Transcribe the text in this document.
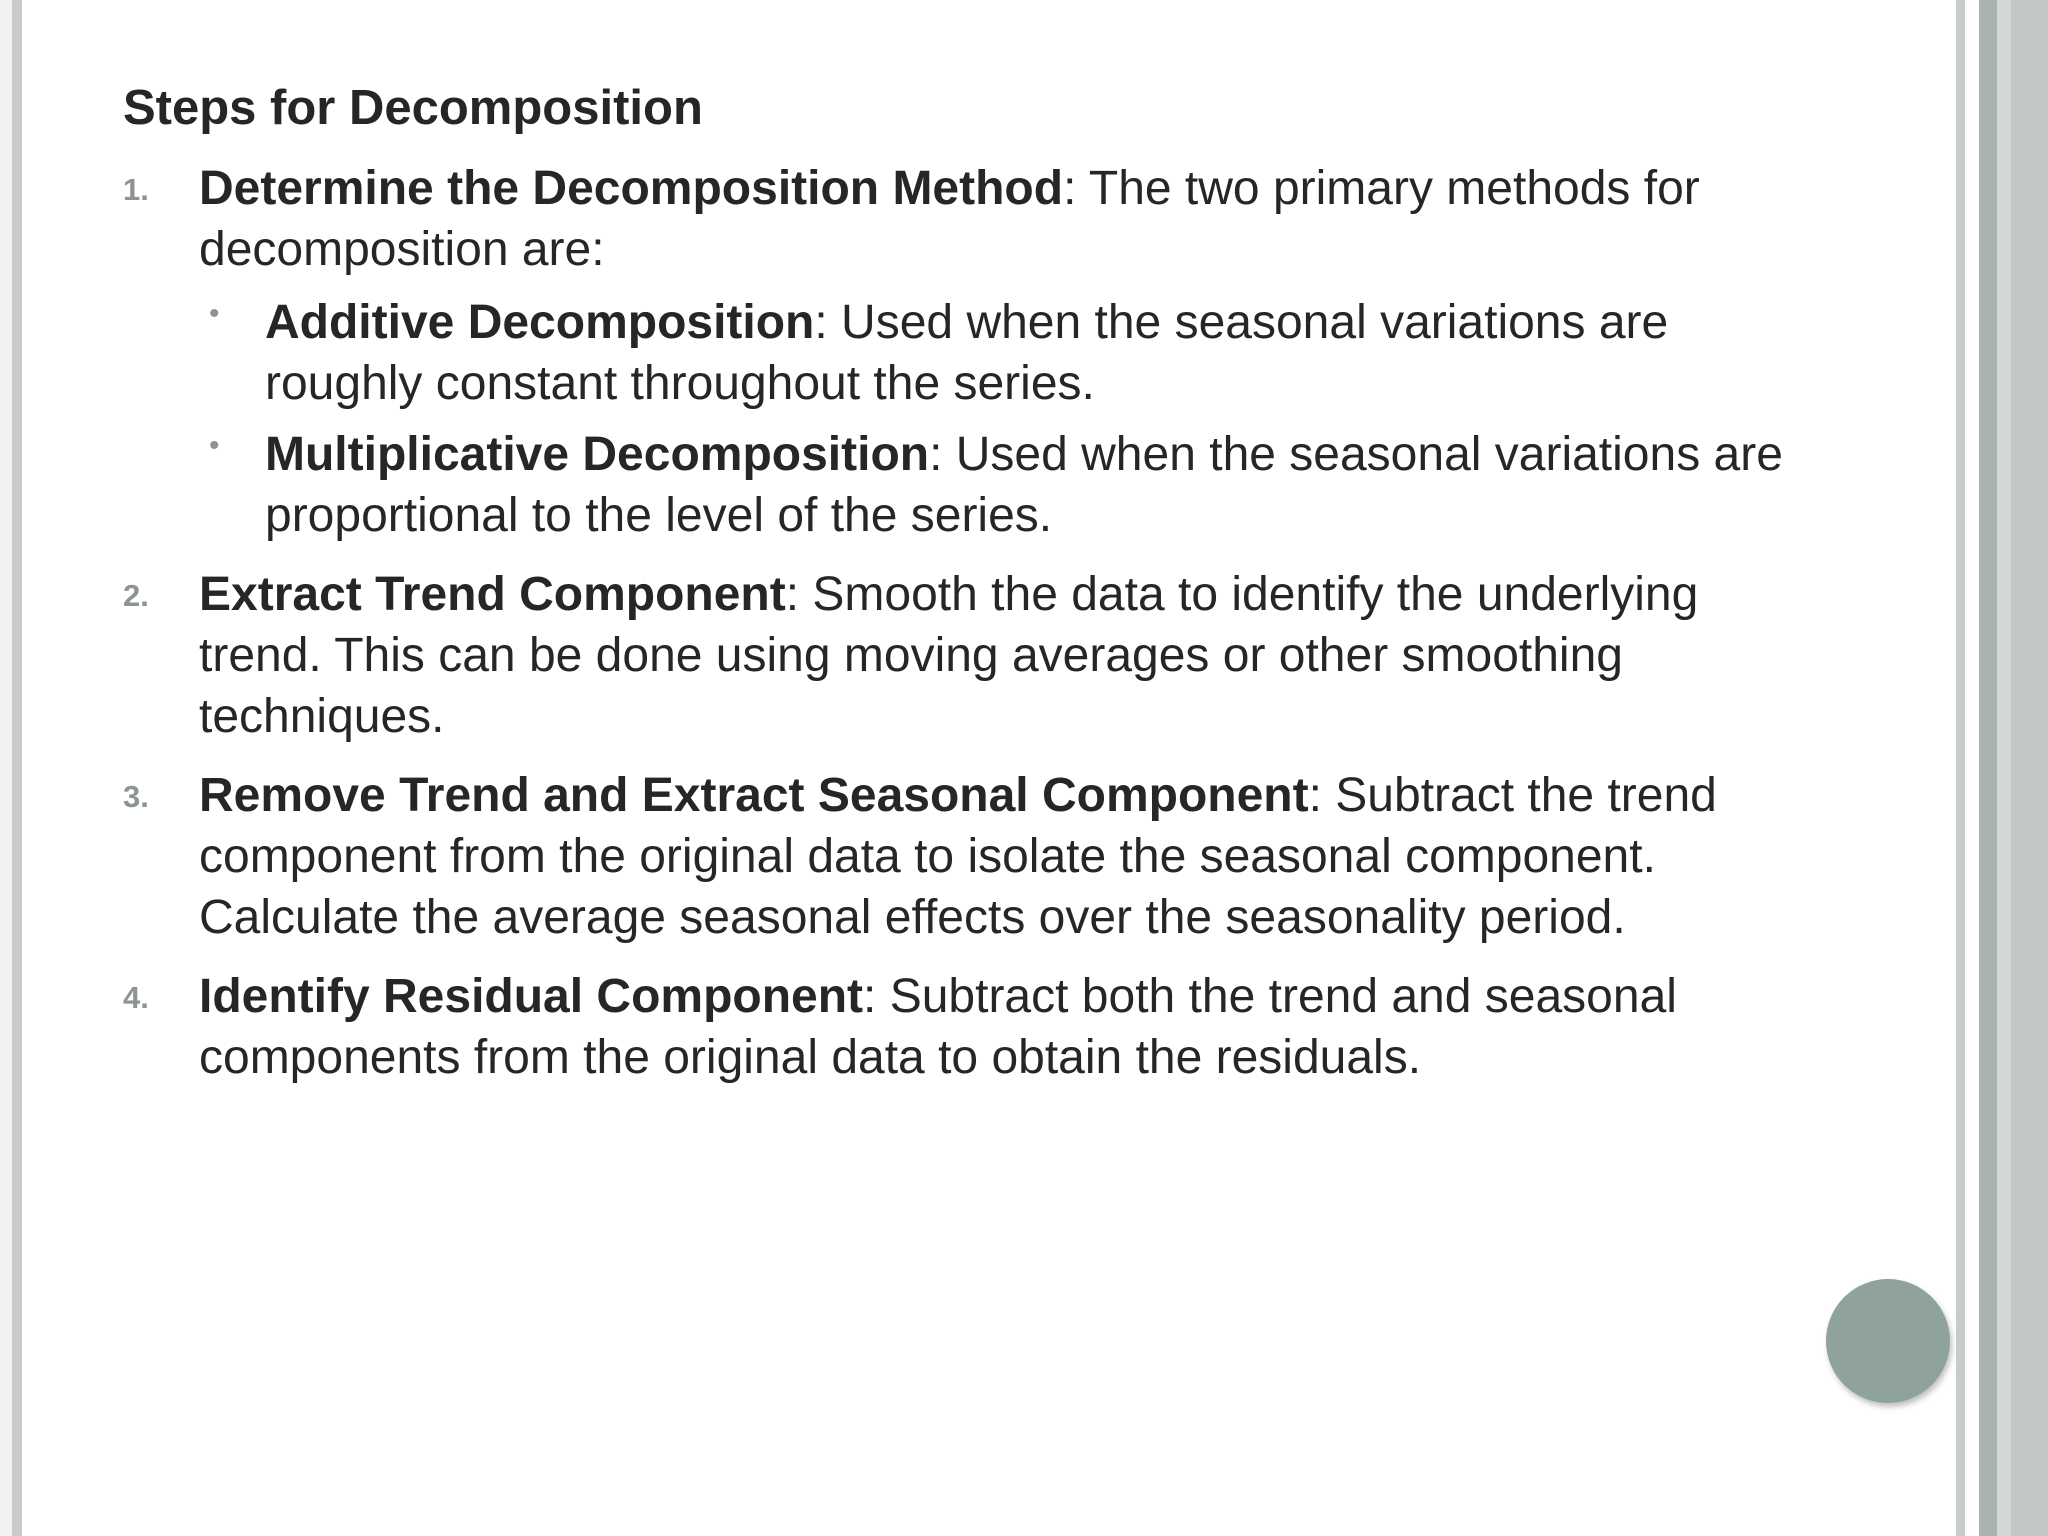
Steps for Decomposition
1. Determine the Decomposition Method: The two primary methods for decomposition are:
• Additive Decomposition: Used when the seasonal variations are roughly constant throughout the series.
• Multiplicative Decomposition: Used when the seasonal variations are proportional to the level of the series.
2. Extract Trend Component: Smooth the data to identify the underlying trend. This can be done using moving averages or other smoothing techniques.
3. Remove Trend and Extract Seasonal Component: Subtract the trend component from the original data to isolate the seasonal component. Calculate the average seasonal effects over the seasonality period.
4. Identify Residual Component: Subtract both the trend and seasonal components from the original data to obtain the residuals.
